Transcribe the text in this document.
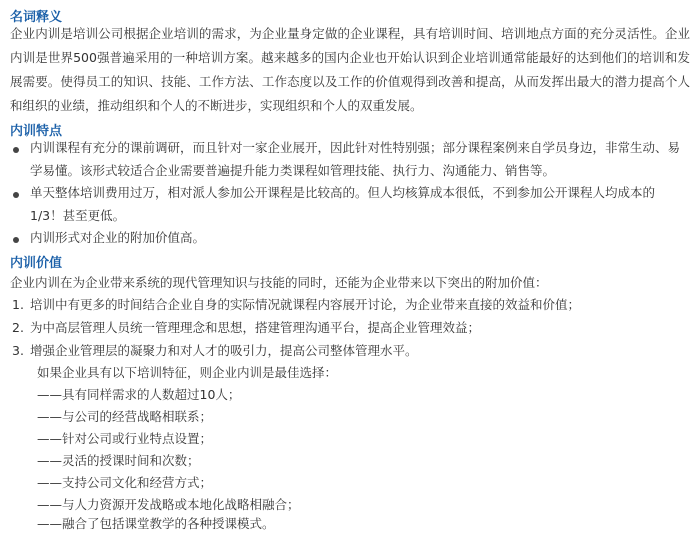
名词释义
企业内训是培训公司根据企业培训的需求，为企业量身定做的企业课程，具有培训时间、培训地点方面的充分灵活性。企业内训是世界500强普遍采用的一种培训方案。越来越多的国内企业也开始认识到企业培训通常能最好的达到他们的培训和发展需要。使得员工的知识、技能、工作方法、工作态度以及工作的价值观得到改善和提高，从而发挥出最大的潜力提高个人和组织的业绩，推动组织和个人的不断进步，实现组织和个人的双重发展。
内训特点
内训课程有充分的课前调研，而且针对一家企业展开，因此针对性特别强；部分课程案例来自学员身边，非常生动、易学易懂。该形式较适合企业需要普遍提升能力类课程如管理技能、执行力、沟通能力、销售等。
单天整体培训费用过万，相对派人参加公开课程是比较高的。但人均核算成本很低，不到参加公开课程人均成本的1/3！甚至更低。
内训形式对企业的附加价值高。
内训价值
企业内训在为企业带来系统的现代管理知识与技能的同时，还能为企业带来以下突出的附加价值：
1. 培训中有更多的时间结合企业自身的实际情况就课程内容展开讨论，为企业带来直接的效益和价值；
2. 为中高层管理人员统一管理理念和思想，搭建管理沟通平台，提高企业管理效益；
3. 增强企业管理层的凝聚力和对人才的吸引力，提高公司整体管理水平。
如果企业具有以下培训特征，则企业内训是最佳选择：
——具有同样需求的人数超过10人；
——与公司的经营战略相联系；
——针对公司或行业特点设置；
——灵活的授课时间和次数；
——支持公司文化和经营方式；
——与人力资源开发战略或本地化战略相融合；
——融合了包括课堂教学的各种授课模式。
